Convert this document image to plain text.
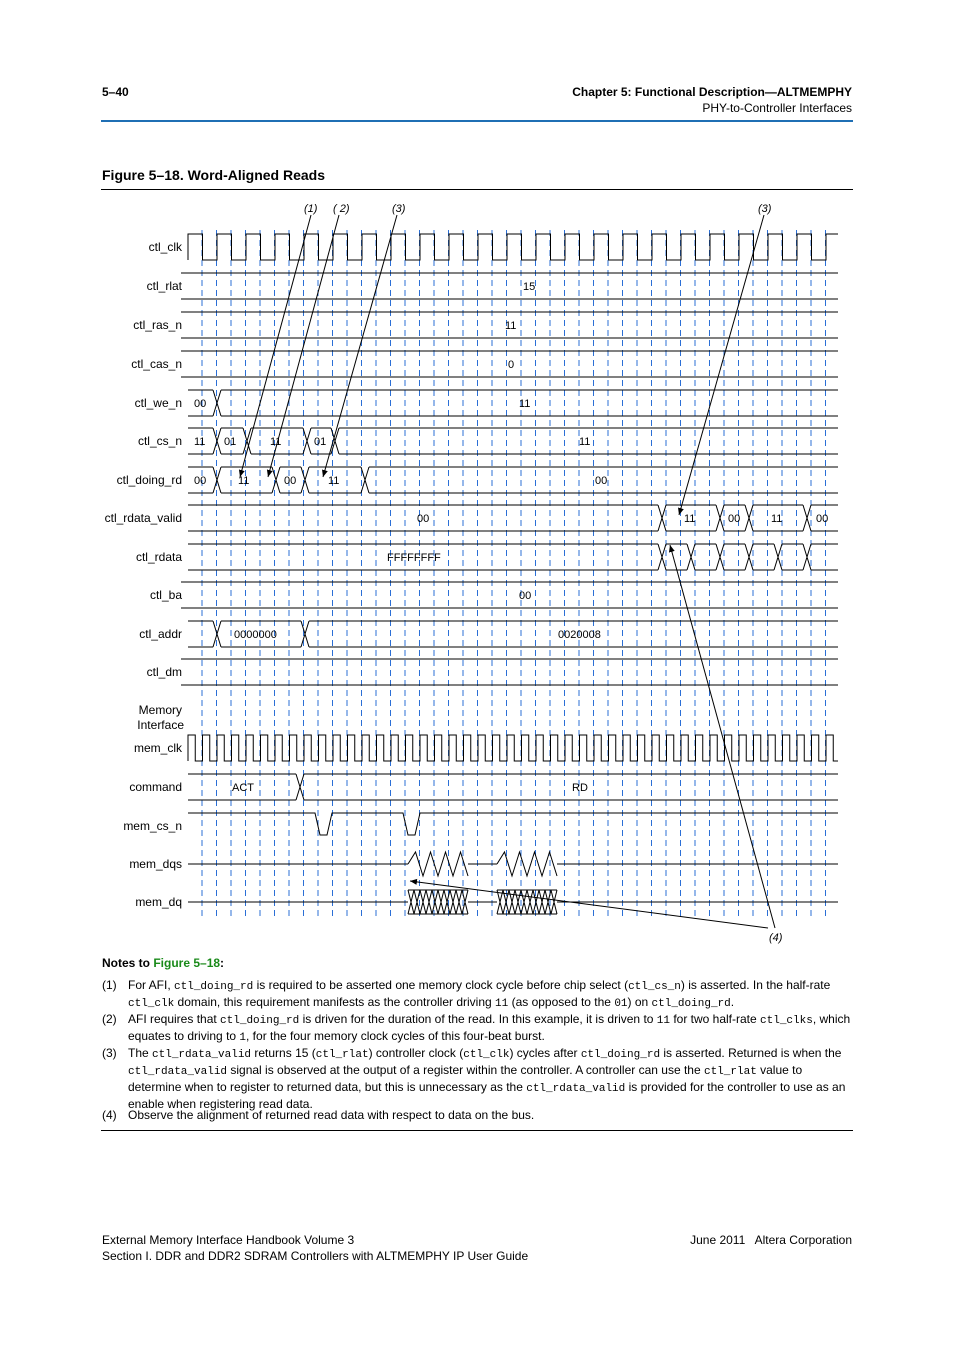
5–40	Chapter 5: Functional Description—ALTMEMPHY
PHY-to-Controller Interfaces
Figure 5–18. Word-Aligned Reads
ctl_clk
ctl_rlat
ctl_ras_n
ctl_cas_n
ctl_we_n
ctl_cs_n
ctl_doing_rd
ctl_rdata_valid
ctl_rdata
ctl_ba
ctl_addr
ctl_dm
Memory Interface
mem_clk
command
mem_cs_n
mem_dqs
mem_dq
15
11
0
00	11
11 01	11	01	11
00	11	00	11	00
00	11	00	11	00
FFFFFFFF
00
0000000	0020008
ACT	RD
(1) ( 2)	(3)	(3)
(4)
Notes to Figure 5–18:
(1) For AFI, ctl_doing_rd is required to be asserted one memory clock cycle before chip select (ctl_cs_n) is asserted. In the half-rate ctl_clk domain, this requirement manifests as the controller driving 11 (as opposed to the 01) on ctl_doing_rd.
(2) AFI requires that ctl_doing_rd is driven for the duration of the read. In this example, it is driven to 11 for two half-rate ctl_clks, which equates to driving to 1, for the four memory clock cycles of this four-beat burst.
(3) The ctl_rdata_valid returns 15 (ctl_rlat) controller clock (ctl_clk) cycles after ctl_doing_rd is asserted. Returned is when the ctl_rdata_valid signal is observed at the output of a register within the controller. A controller can use the ctl_rlat value to determine when to register to returned data, but this is unnecessary as the ctl_rdata_valid is provided for the controller to use as an enable when registering read data.
(4) Observe the alignment of returned read data with respect to data on the bus.
External Memory Interface Handbook Volume 3
Section I. DDR and DDR2 SDRAM Controllers with ALTMEMPHY IP User Guide
June 2011 Altera Corporation
